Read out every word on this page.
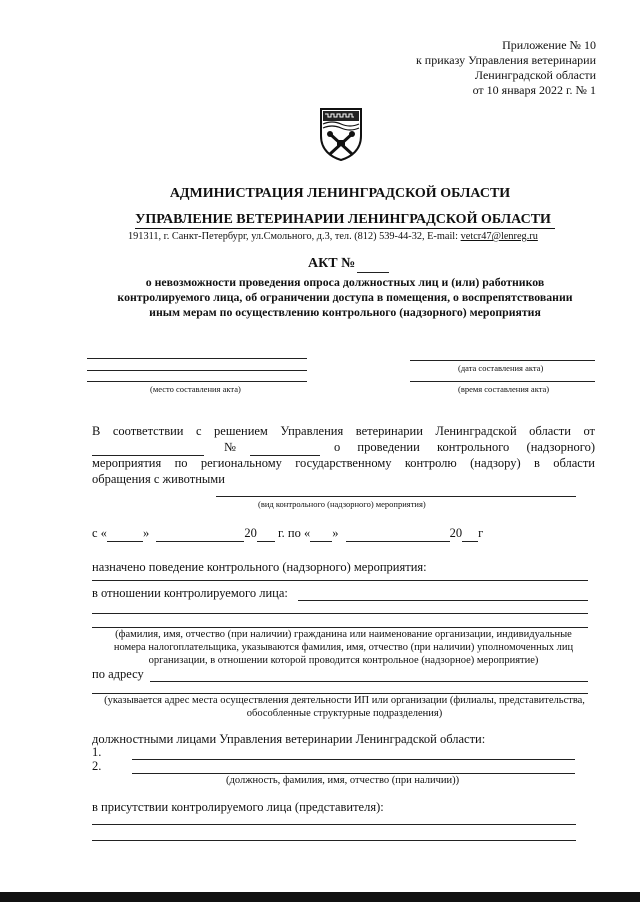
Приложение № 10
к приказу Управления ветеринарии
Ленинградской области
от 10 января 2022 г. № 1
АДМИНИСТРАЦИЯ ЛЕНИНГРАДСКОЙ ОБЛАСТИ
УПРАВЛЕНИЕ ВЕТЕРИНАРИИ ЛЕНИНГРАДСКОЙ ОБЛАСТИ
191311, г. Санкт-Петербург, ул.Смольного, д.3, тел. (812) 539-44-32, E-mail: vetcr47@lenreg.ru
АКТ №
о невозможности проведения опроса должностных лиц и (или) работников
контролируемого лица, об ограничении доступа в помещения, о воспрепятствовании
иным мерам по осуществлению контрольного (надзорного) мероприятия
(место составления акта)
(дата составления акта)
(время составления акта)
В соответствии с решением Управления ветеринарии Ленинградской области от

№
	о проведении контрольного (надзорного)
мероприятия по региональному государственному контролю (надзору) в области
обращения с животными
(вид контрольного (надзорного) мероприятия)
с «	»	20 г. по « »	20 г
назначено поведение контрольного (надзорного) мероприятия:
в отношении контролируемого лица:
(фамилия, имя, отчество (при наличии) гражданина или наименование организации, индивидуальные
номера налогоплательщика, указываются фамилия, имя, отчество (при наличии) уполномоченных лиц
организации, в отношении которой проводится контрольное (надзорное) мероприятие)
по адресу
(указывается адрес места осуществления деятельности ИП или организации (филиалы, представительства,
обособленные структурные подразделения)
должностными лицами Управления ветеринарии Ленинградской области:
1.
2.
(должность, фамилия, имя, отчество (при наличии))
в присутствии контролируемого лица (представителя):
